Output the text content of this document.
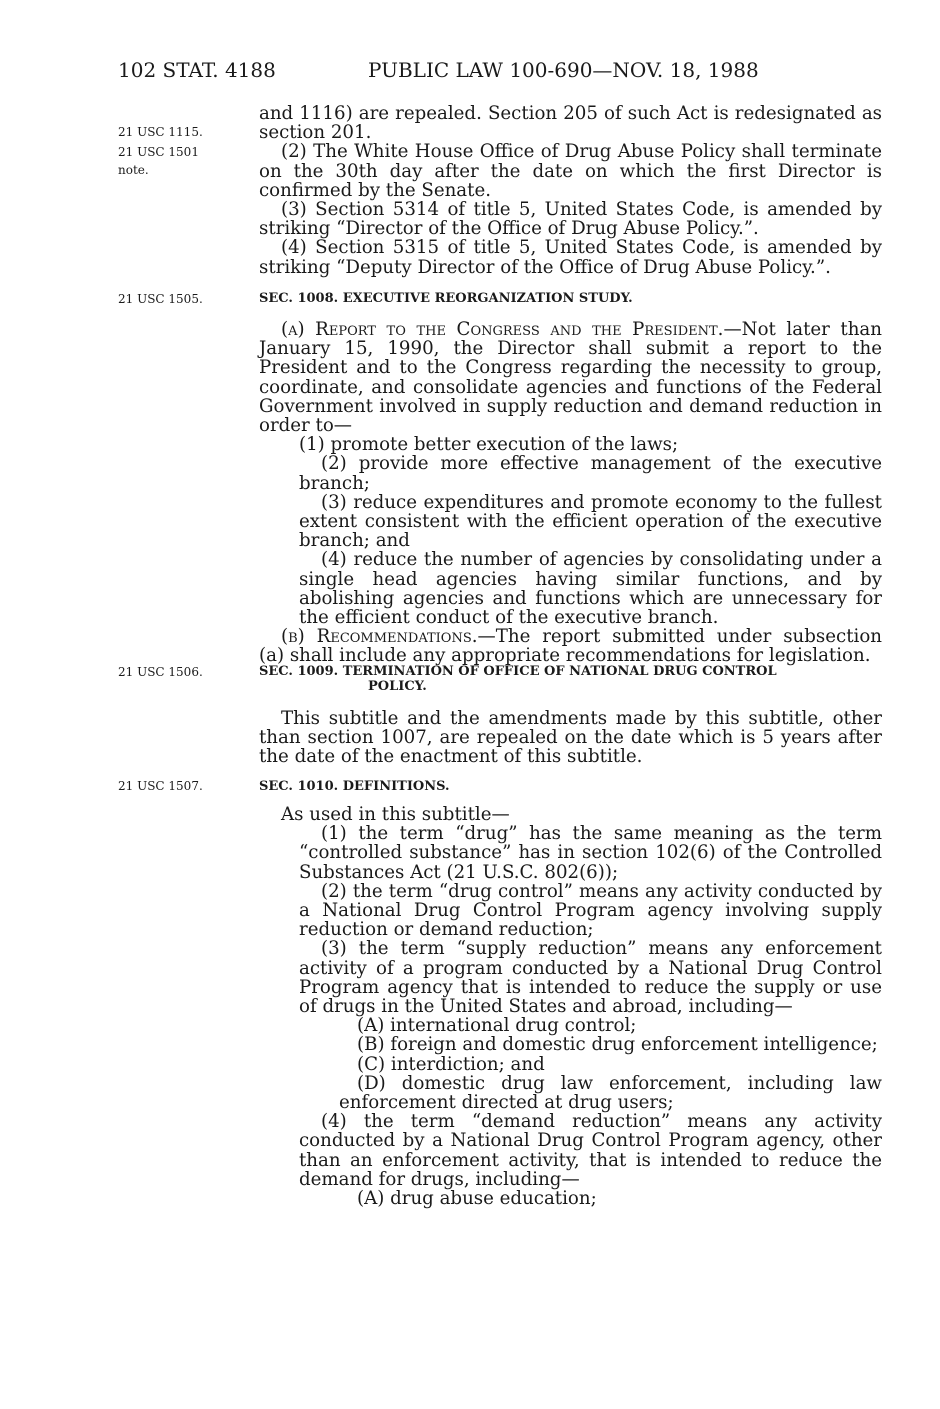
102 STAT. 4188	PUBLIC LAW 100-690—NOV. 18, 1988
21 USC 1115.
21 USC 1501
note.
21 USC 1505.
21 USC 1506.
21 USC 1507.

and 1116) are repealed. Section 205 of such Act is redesignated as section 201.

(2) The White House Office of Drug Abuse Policy shall terminate on the 30th day after the date on which the first Director is confirmed by the Senate.

(3) Section 5314 of title 5, United States Code, is amended by striking “Director of the Office of Drug Abuse Policy.”.

(4) Section 5315 of title 5, United States Code, is amended by striking “Deputy Director of the Office of Drug Abuse Policy.”.

SEC. 1008. EXECUTIVE REORGANIZATION STUDY.

(a) Report to the Congress and the President.—Not later than January 15, 1990, the Director shall submit a report to the President and to the Congress regarding the necessity to group, coordinate, and consolidate agencies and functions of the Federal Government involved in supply reduction and demand reduction in order to—

(1) promote better execution of the laws;

(2) provide more effective management of the executive branch;

(3) reduce expenditures and promote economy to the fullest extent consistent with the efficient operation of the executive branch; and

(4) reduce the number of agencies by consolidating under a single head agencies having similar functions, and by abolishing agencies and functions which are unnecessary for the efficient conduct of the executive branch.

(b) Recommendations.—The report submitted under subsection (a) shall include any appropriate recommendations for legislation.

SEC. 1009. TERMINATION OF OFFICE OF NATIONAL DRUG CONTROL
POLICY.

This subtitle and the amendments made by this subtitle, other than section 1007, are repealed on the date which is 5 years after the date of the enactment of this subtitle.

SEC. 1010. DEFINITIONS.

As used in this subtitle—

(1) the term “drug” has the same meaning as the term “controlled substance” has in section 102(6) of the Controlled Substances Act (21 U.S.C. 802(6));

(2) the term “drug control” means any activity conducted by a National Drug Control Program agency involving supply reduction or demand reduction;

(3) the term “supply reduction” means any enforcement activity of a program conducted by a National Drug Control Program agency that is intended to reduce the supply or use of drugs in the United States and abroad, including—

(A) international drug control;

(B) foreign and domestic drug enforcement intelligence;

(C) interdiction; and

(D) domestic drug law enforcement, including law enforcement directed at drug users;

(4) the term “demand reduction” means any activity conducted by a National Drug Control Program agency, other than an enforcement activity, that is intended to reduce the demand for drugs, including—

(A) drug abuse education;
